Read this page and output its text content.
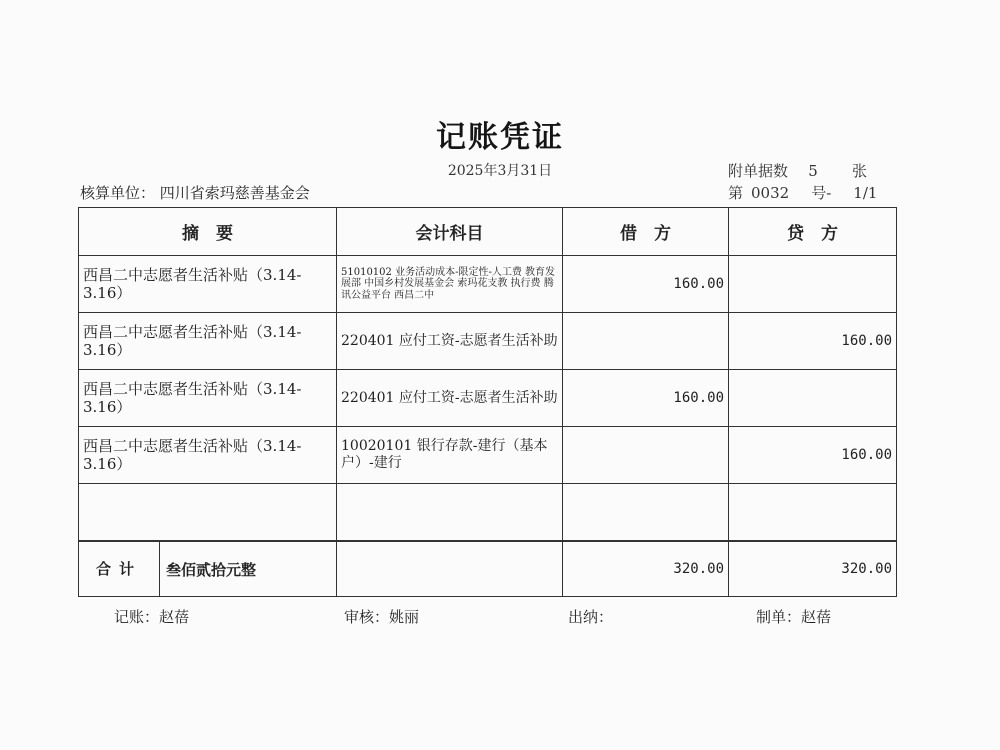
记账凭证
2025年3月31日	附单据数 5 张
核算单位： 四川省索玛慈善基金会	第 0032 号- 1/1
摘　要	会计科目	借　方	贷　方
西昌二中志愿者生活补贴（3.14-3.16）	51010102 业务活动成本-限定性-人工费 教育发展部 中国乡村发展基金会 索玛花支教 执行费 腾讯公益平台 西昌二中	160.00	
西昌二中志愿者生活补贴（3.14-3.16）	220401 应付工资-志愿者生活补助		160.00
西昌二中志愿者生活补贴（3.14-3.16）	220401 应付工资-志愿者生活补助	160.00	
西昌二中志愿者生活补贴（3.14-3.16）	10020101 银行存款-建行（基本户）-建行		160.00

合计 叁佰贰拾元整		320.00	320.00
记账：赵蓓	审核：姚丽	出纳：	制单：赵蓓
